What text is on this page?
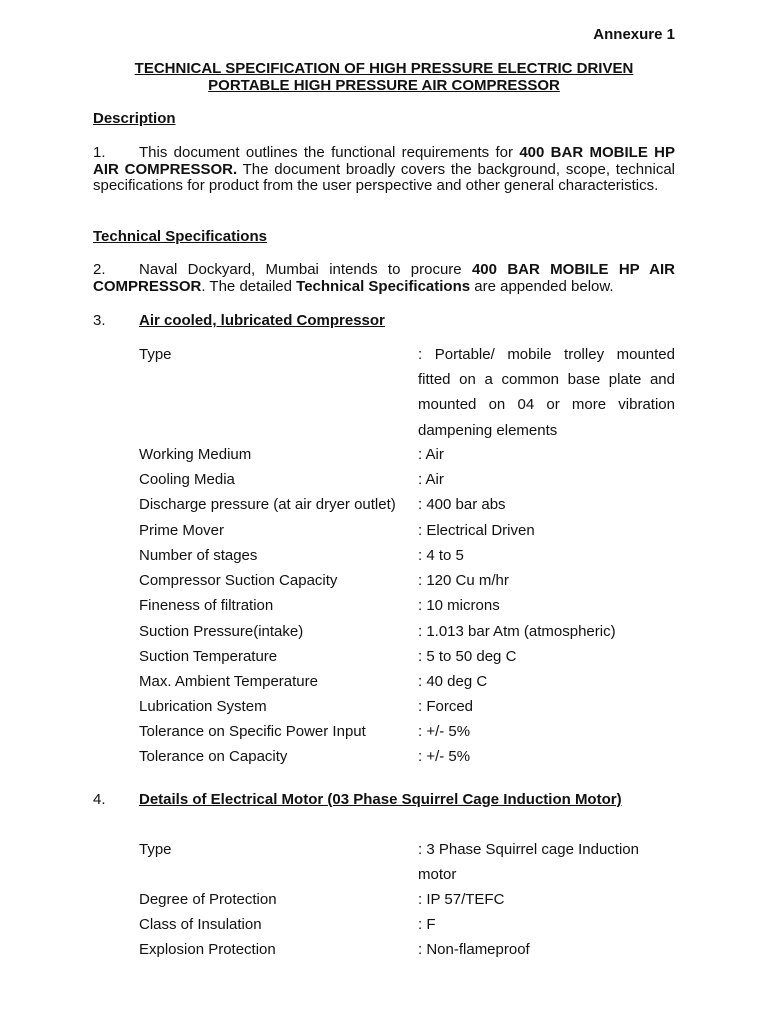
Annexure 1
TECHNICAL SPECIFICATION OF HIGH PRESSURE ELECTRIC DRIVEN
PORTABLE HIGH PRESSURE AIR COMPRESSOR
Description
1. This document outlines the functional requirements for 400 BAR MOBILE HP AIR COMPRESSOR. The document broadly covers the background, scope, technical specifications for product from the user perspective and other general characteristics.
Technical Specifications
2. Naval Dockyard, Mumbai intends to procure 400 BAR MOBILE HP AIR COMPRESSOR. The detailed Technical Specifications are appended below.
3. Air cooled, lubricated Compressor
Type	: Portable/ mobile trolley mounted fitted on a common base plate and mounted on 04 or more vibration dampening elements
Working Medium	: Air
Cooling Media	: Air
Discharge pressure (at air dryer outlet)	: 400 bar abs
Prime Mover	: Electrical Driven
Number of stages	: 4 to 5
Compressor Suction Capacity	: 120 Cu m/hr
Fineness of filtration	: 10 microns
Suction Pressure(intake)	: 1.013 bar Atm (atmospheric)
Suction Temperature	: 5 to 50 deg C
Max. Ambient Temperature	: 40 deg C
Lubrication System	: Forced
Tolerance on Specific Power Input	: +/- 5%
Tolerance on Capacity	: +/- 5%
4. Details of Electrical Motor (03 Phase Squirrel Cage Induction Motor)
Type	: 3 Phase Squirrel cage Induction motor
Degree of Protection	: IP 57/TEFC
Class of Insulation	: F
Explosion Protection	: Non-flameproof
